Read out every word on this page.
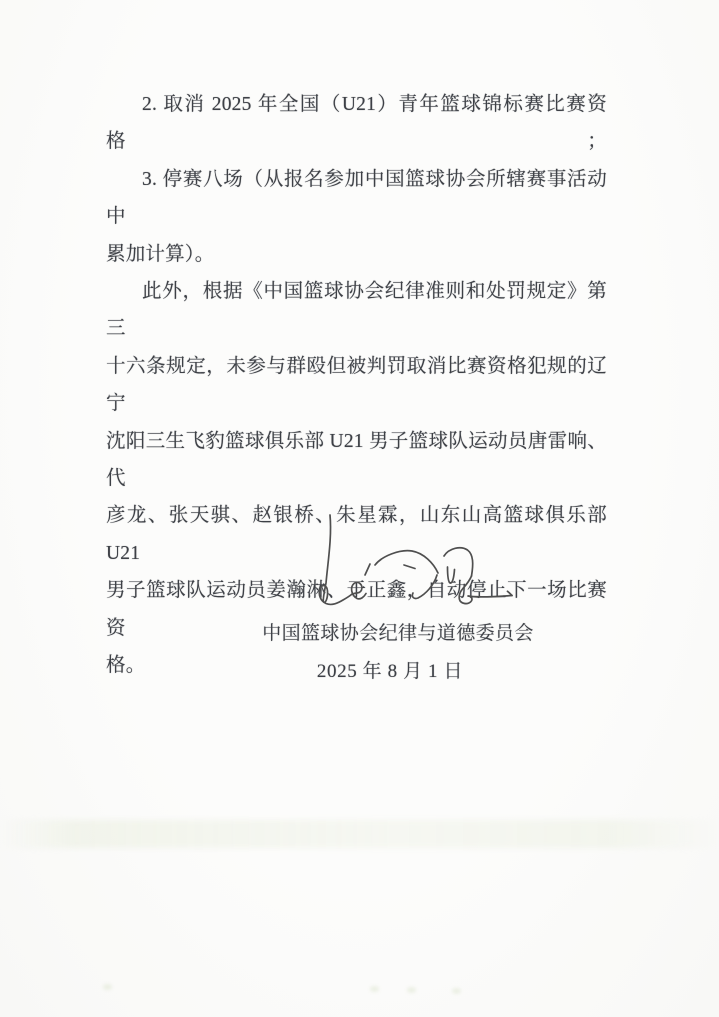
2. 取消 2025 年全国（U21）青年篮球锦标赛比赛资格；
3. 停赛八场（从报名参加中国篮球协会所辖赛事活动中
累加计算）。
此外，根据《中国篮球协会纪律准则和处罚规定》第三
十六条规定，未参与群殴但被判罚取消比赛资格犯规的辽宁
沈阳三生飞豹篮球俱乐部 U21 男子篮球队运动员唐雷响、代
彦龙、张天骐、赵银桥、朱星霖，山东山高篮球俱乐部 U21
男子篮球队运动员姜瀚淋、于正鑫，自动停止下一场比赛资
格。
中国篮球协会纪律与道德委员会
2025 年 8 月 1 日
